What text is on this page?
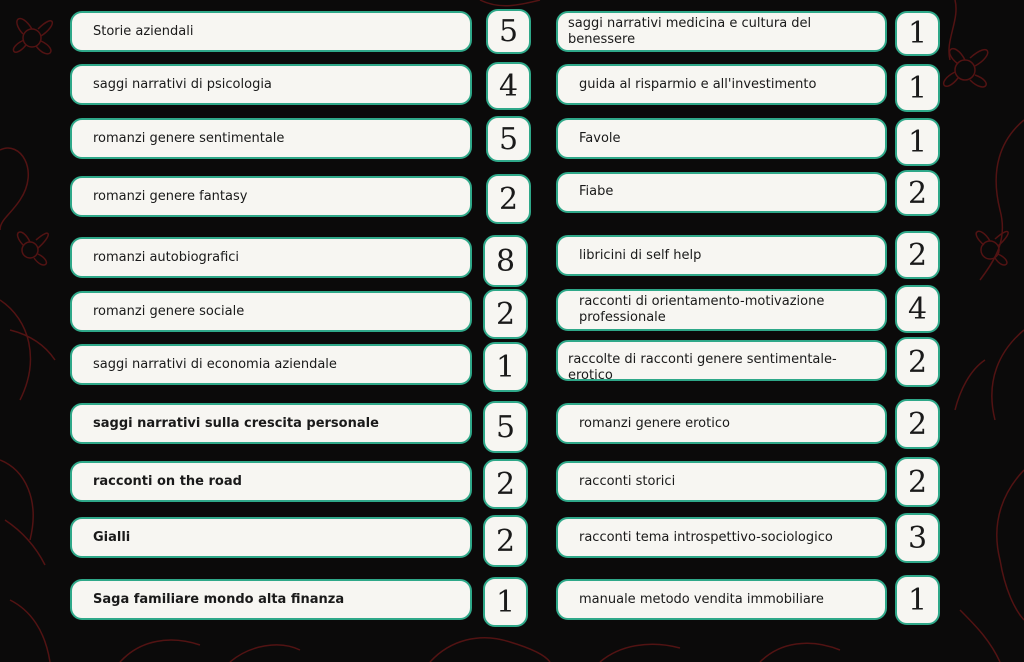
Storie aziendali	5
saggi narrativi di psicologia	4
romanzi genere sentimentale	5
romanzi genere fantasy	2
romanzi autobiografici	8
romanzi genere sociale	2
saggi narrativi di economia aziendale	1
saggi narrativi sulla crescita personale	5
racconti on the road	2
Gialli	2
Saga familiare mondo alta finanza	1
saggi narrativi medicina e cultura del benessere	1
guida al risparmio e all'investimento	1
Favole	1
Fiabe	2
libricini di self help	2
racconti di orientamento-motivazione professionale	4
raccolte di racconti genere sentimentale-erotico	2
romanzi genere erotico	2
racconti storici	2
racconti tema introspettivo-sociologico	3
manuale metodo vendita immobiliare	1
